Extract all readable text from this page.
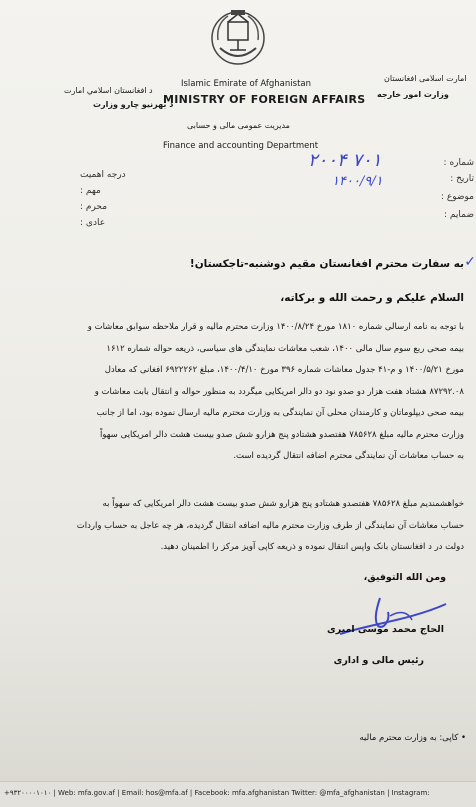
د افغانستان اسلامي امارت
د بهرنیو چارو وزارت
Islamic Emirate of Afghanistan
MINISTRY OF FOREIGN AFFAIRS
مدیریت عمومی مالی و حسابی
Finance and accounting Department
امارت اسلامی افغانستان
وزارت امور خارجه
درجه اهمیت
مهم :
محرم :
عادی :
شماره :
تاریخ :
موضوع :
ضمایم :
۲۰۰۴ ۷۰۱
۱۴۰۰/۹/۱
✓
به سفارت محترم افغانستان مقیم دوشنبه-تاجکستان!
السلام علیکم و رحمت الله و برکاته،
با توجه به نامه ارسالی شماره ۱۸۱۰ مورخ ۱۴۰۰/۸/۲۴ وزارت محترم مالیه و قرار ملاحظه سوابق معاشات و
بیمه صحی ربع سوم سال مالی ۱۴۰۰، شعب معاشات نمایندگی های سیاسی، ذریعه حواله شماره ۱۶۱۲
مورخ ۱۴۰۰/۵/۲۱ و م-۴۱ جدول معاشات شماره ۳۹۶ مورخ ۱۴۰۰/۴/۱۰، مبلغ ۶۹۲۲۲۶۲ افغانی که معادل
۸۷۲۹۲.۰۸ هشتاد هفت هزار دو صدو نود دو دالر امریکایی میگردد به منظور حواله و انتقال بابت معاشات و
بیمه صحی دیپلوماتان و کارمندان محلی آن نمایندگی به وزارت محترم مالیه ارسال نموده بود، اما از جانب
وزارت محترم مالیه مبلغ ۷۸۵۶۲۸ هفتصدو هشتادو پنج هزارو شش صدو بیست هشت دالر امریکایی سهواً
به حساب معاشات آن نمایندگی محترم اضافه انتقال گردیده است.
خواهشمندیم مبلغ ۷۸۵۶۲۸ هفتصدو هشتادو پنج هزارو شش صدو بیست هشت دالر امریکایی که سهواً به
حساب معاشات آن نمایندگی از طرف وزارت محترم مالیه اضافه انتقال گردیده، هر چه عاجل به حساب واردات
دولت در د افغانستان بانک واپس انتقال نموده و ذریعه کاپی آویز مرکز را اطمینان دهید.
ومن الله التوفیق،
الحاج محمد موسی امیری
رئیس مالی و اداری
• کاپی: به وزارت محترم مالیه
+۹۳۲۰۰۰۰۱۰۱۰ | Web: mfa.gov.af | Email: hos@mfa.af | Facebook: mfa.afghanistan Twitter: @mfa_afghanistan | Instagram:
